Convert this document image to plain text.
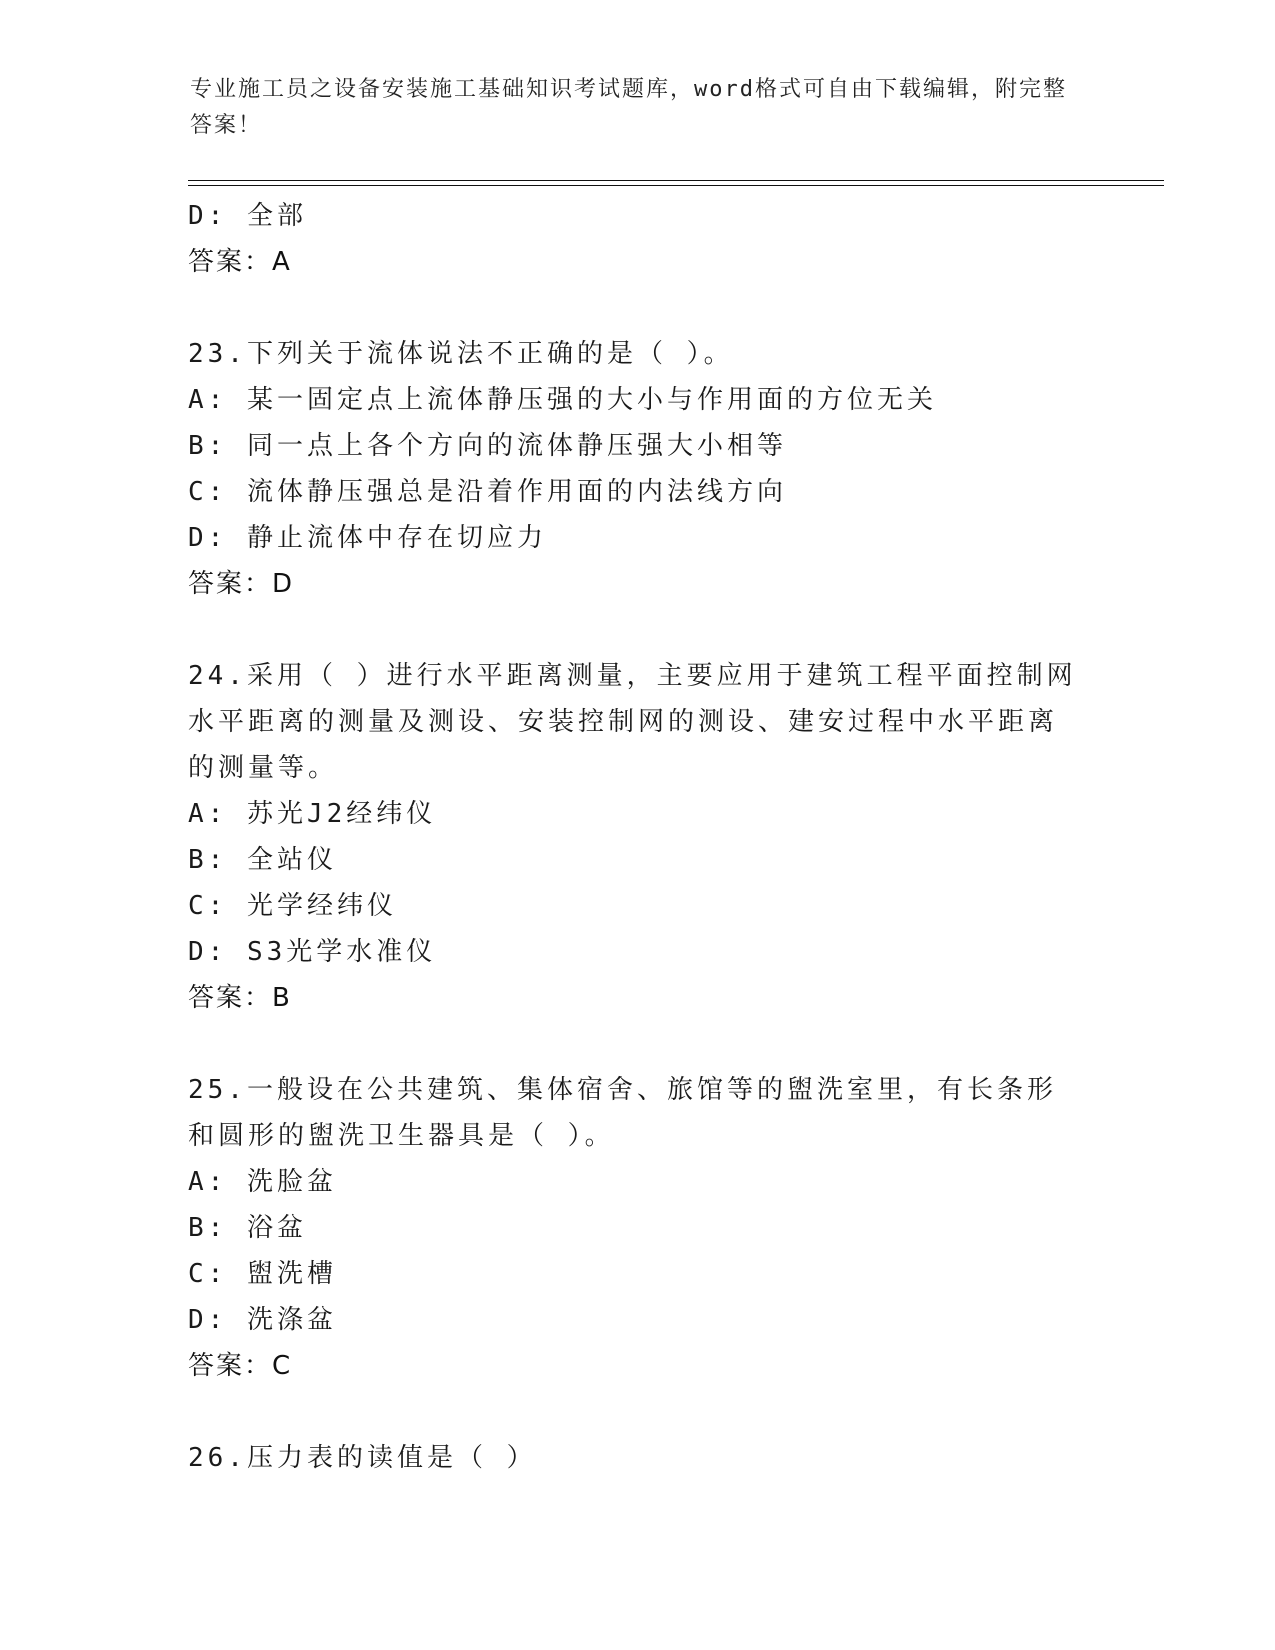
专业施工员之设备安装施工基础知识考试题库，word格式可自由下载编辑，附完整答案！
D: 全部
答案：A
23.下列关于流体说法不正确的是（ ）。
A: 某一固定点上流体静压强的大小与作用面的方位无关
B: 同一点上各个方向的流体静压强大小相等
C: 流体静压强总是沿着作用面的内法线方向
D: 静止流体中存在切应力
答案：D
24.采用（ ）进行水平距离测量，主要应用于建筑工程平面控制网水平距离的测量及测设、安装控制网的测设、建安过程中水平距离的测量等。
A: 苏光J2经纬仪
B: 全站仪
C: 光学经纬仪
D: S3光学水准仪
答案：B
25.一般设在公共建筑、集体宿舍、旅馆等的盥洗室里，有长条形和圆形的盥洗卫生器具是（ ）。
A: 洗脸盆
B: 浴盆
C: 盥洗槽
D: 洗涤盆
答案：C
26.压力表的读值是（ ）
